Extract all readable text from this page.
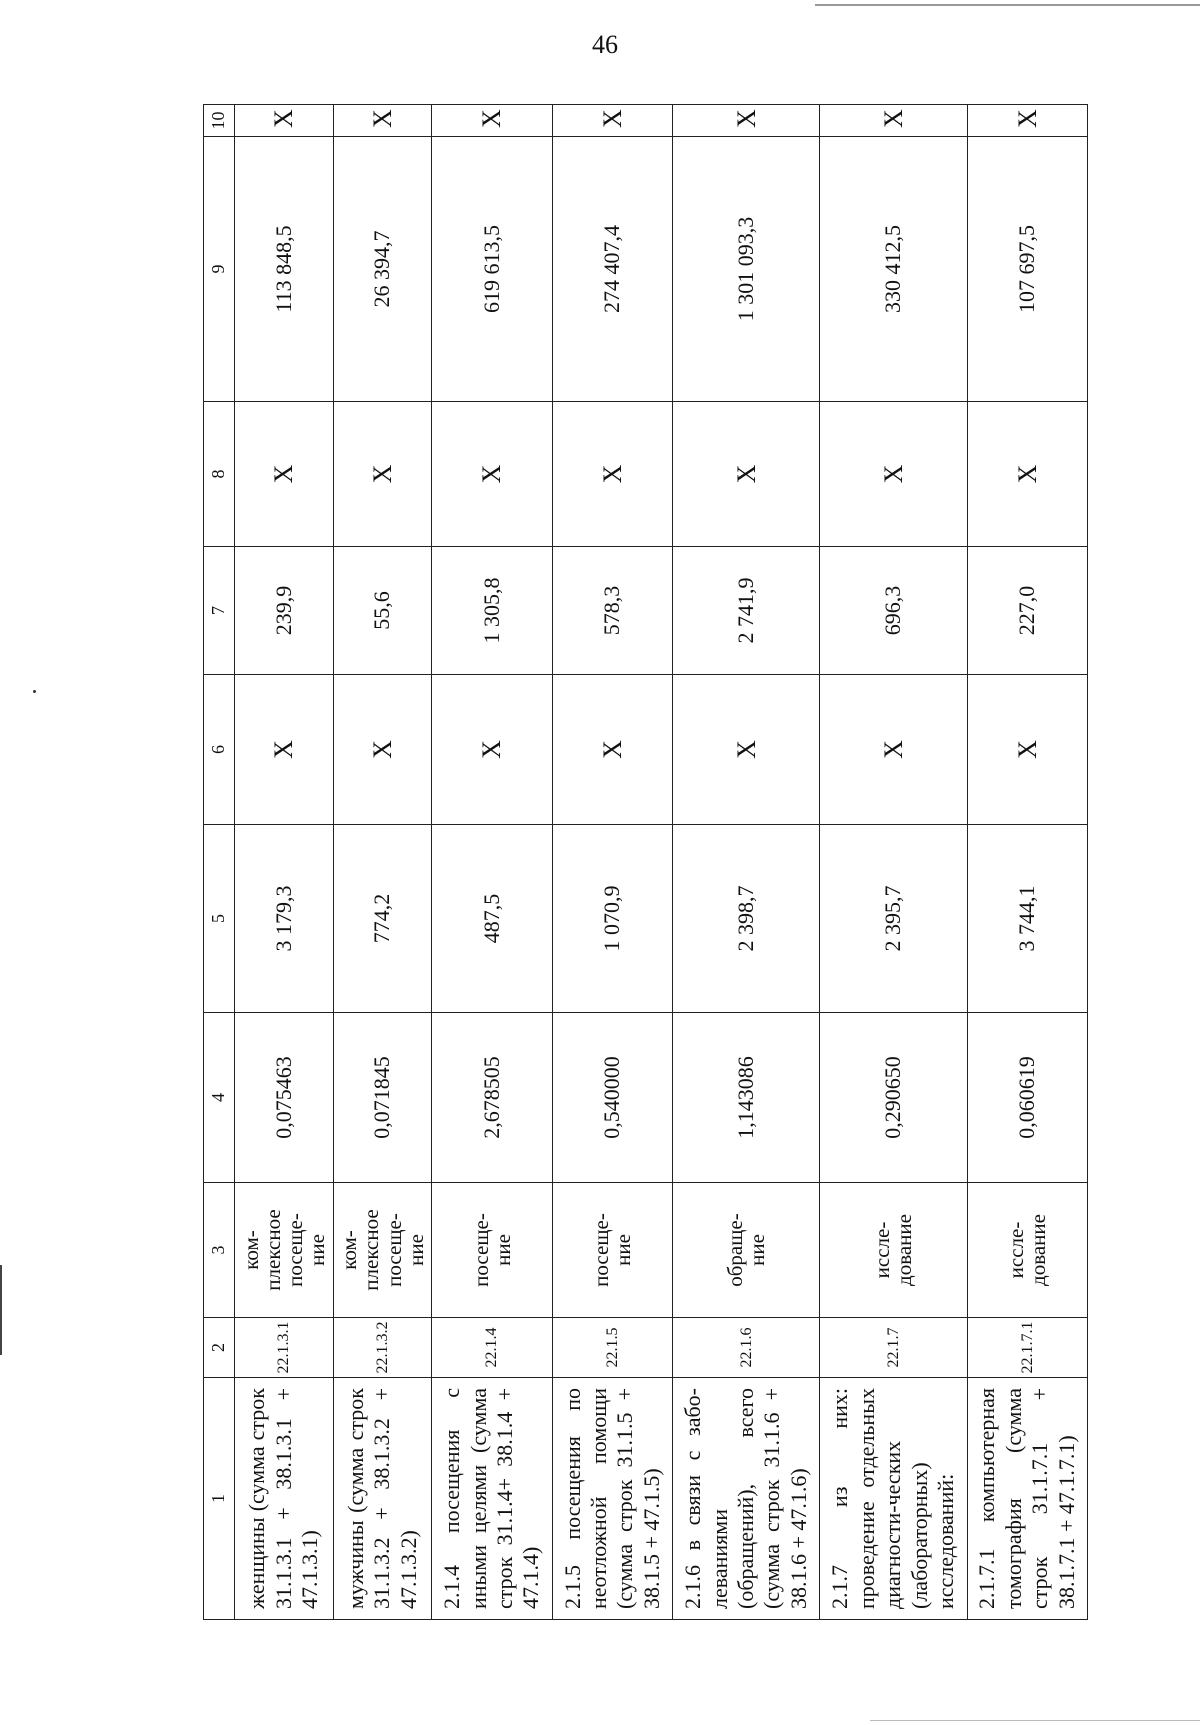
46
1	2	3	4	5	6	7	8	9	10
женщины (сумма строк 31.1.3.1 + 38.1.3.1 + 47.1.3.1)	22.1.3.1	ком-
плексное
посеще-
ние	0,075463	3 179,3	X	239,9	X	113 848,5	X
мужчины (сумма строк 31.1.3.2 + 38.1.3.2 + 47.1.3.2)	22.1.3.2	ком-
плексное
посеще-
ние	0,071845	774,2	X	55,6	X	26 394,7	X
2.1.4 посещения с иными целями (сумма строк 31.1.4+ 38.1.4 + 47.1.4)	22.1.4	посеще-
ние	2,678505	487,5	X	1 305,8	X	619 613,5	X
2.1.5 посещения по неотложной помощи (сумма строк 31.1.5 + 38.1.5 + 47.1.5)	22.1.5	посеще-
ние	0,540000	1 070,9	X	578,3	X	274 407,4	X
2.1.6 в связи с забо-леваниями (обращений), всего (сумма строк 31.1.6 + 38.1.6 + 47.1.6)	22.1.6	обраще-
ние	1,143086	2 398,7	X	2 741,9	X	1 301 093,3	X
2.1.7 из них: проведение отдельных диагности-ческих (лабораторных) исследований:	22.1.7	иссле-
дование	0,290650	2 395,7	X	696,3	X	330 412,5	X
2.1.7.1 компьютерная томография (сумма строк 31.1.7.1 + 38.1.7.1 + 47.1.7.1)	22.1.7.1	иссле-
дование	0,060619	3 744,1	X	227,0	X	107 697,5	X
